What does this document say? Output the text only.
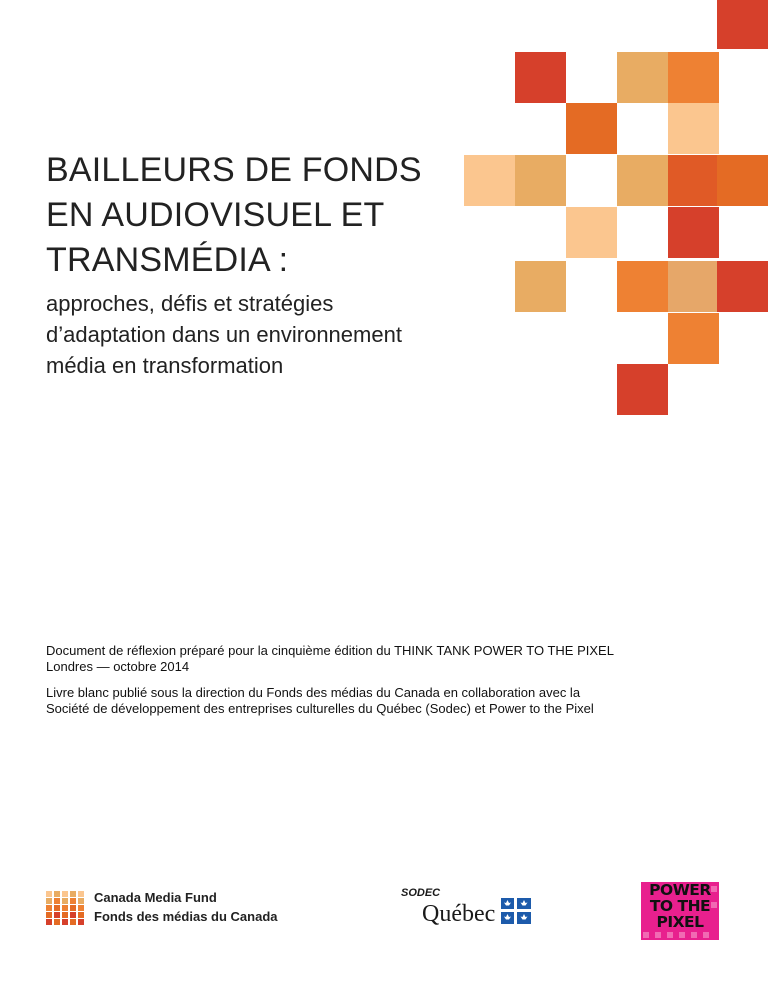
BAILLEURS DE FONDS
EN AUDIOVISUEL ET
TRANSMÉDIA :
approches, défis et stratégies
d’adaptation dans un environnement
média en transformation

Document de réflexion préparé pour la cinquième édition du THINK TANK POWER TO THE PIXEL
Londres — octobre 2014

Livre blanc publié sous la direction du Fonds des médias du Canada en collaboration avec la
Société de développement des entreprises culturelles du Québec (Sodec) et Power to the Pixel

Canada Media Fund
Fonds des médias du Canada
SODEC
Québec
POWER
TO THE
PIXEL
